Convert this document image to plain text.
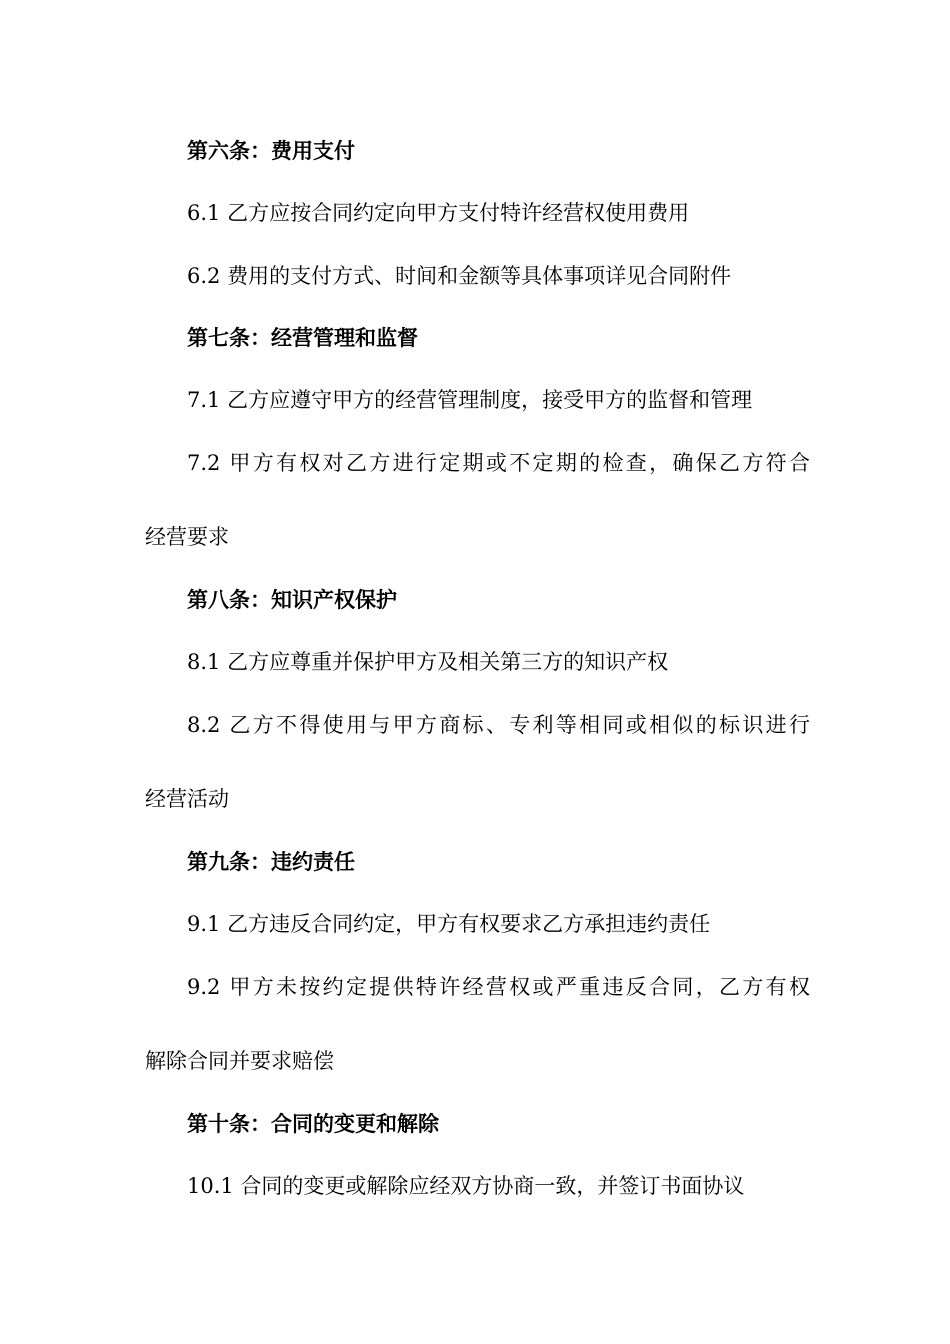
第六条：费用支付
6.1 乙方应按合同约定向甲方支付特许经营权使用费用
6.2 费用的支付方式、时间和金额等具体事项详见合同附件
第七条：经营管理和监督
7.1 乙方应遵守甲方的经营管理制度，接受甲方的监督和管理
7.2 甲方有权对乙方进行定期或不定期的检查，确保乙方符合
经营要求
第八条：知识产权保护
8.1 乙方应尊重并保护甲方及相关第三方的知识产权
8.2 乙方不得使用与甲方商标、专利等相同或相似的标识进行
经营活动
第九条：违约责任
9.1 乙方违反合同约定，甲方有权要求乙方承担违约责任
9.2 甲方未按约定提供特许经营权或严重违反合同，乙方有权
解除合同并要求赔偿
第十条：合同的变更和解除
10.1 合同的变更或解除应经双方协商一致，并签订书面协议
